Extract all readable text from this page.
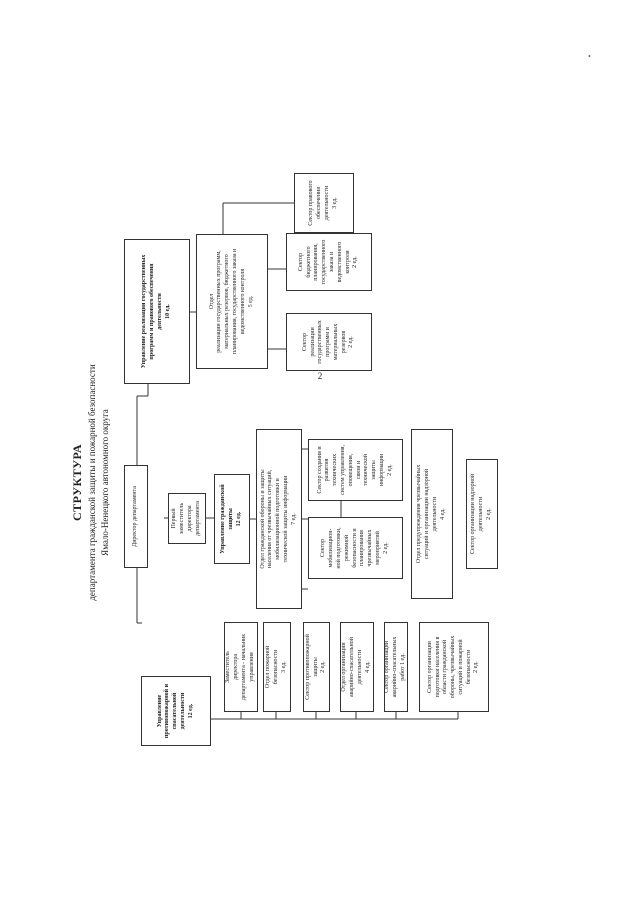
•
2
СТРУКТУРА департамента гражданской защиты и пожарной безопасности Ямало-Ненецкого автономного округа	Директор департамента	Первый заместитель
директора департамента
Управление
противопожарной и
спасательной деятельности
12 ед.
Заместитель
директора
департамента - начальник
управления	Отдел пожарной
безопасности
3 ед.
Сектор противопожарной
защиты
2 ед.
Отдел организации
аварийно-спасательной
деятельности
4 ед.
Сектор организации
аварийно-спасательных
работ 1 ед.
Сектор организации
подготовки населения в
области гражданской
обороны, чрезвычайных
ситуаций и пожарной
безопасности
2 ед.
Управление гражданской
защиты
12 ед.
Отдел гражданской обороны и защиты
населения от чрезвычайных ситуаций,
мобилизационной подготовки и
технической защиты информации
7 ед.
Сектор
мобилизацион-
ной подготовки,
режимной
безопасности и
планирования
чрезвычайных
мероприятий
2 ед.
Сектор создания и
развития
технических
систем управления,
оповещения,
связи и
технической
защиты
информации
2 ед.
Отдел предупреждения чрезвычайных
ситуаций и организации надзорной
деятельности
4 ед.
Сектор организации надзорной
деятельности
2 ед.
Управление реализации государственных
программ и правового обеспечения
деятельности
10 ед.	Отдел
реализации государственных программ,
материальных резервов, бюджетного
планирования, государственного заказа и
ведомственного контроля
5 ед.
Сектор
реализации
государственных
программ и
материальных
резервов
2 ед.
Сектор бюджетного
планирования,
государственного
заказа и
ведомственного
контроля
2 ед.
Сектор правового обеспечения
деятельности
3 ед.
